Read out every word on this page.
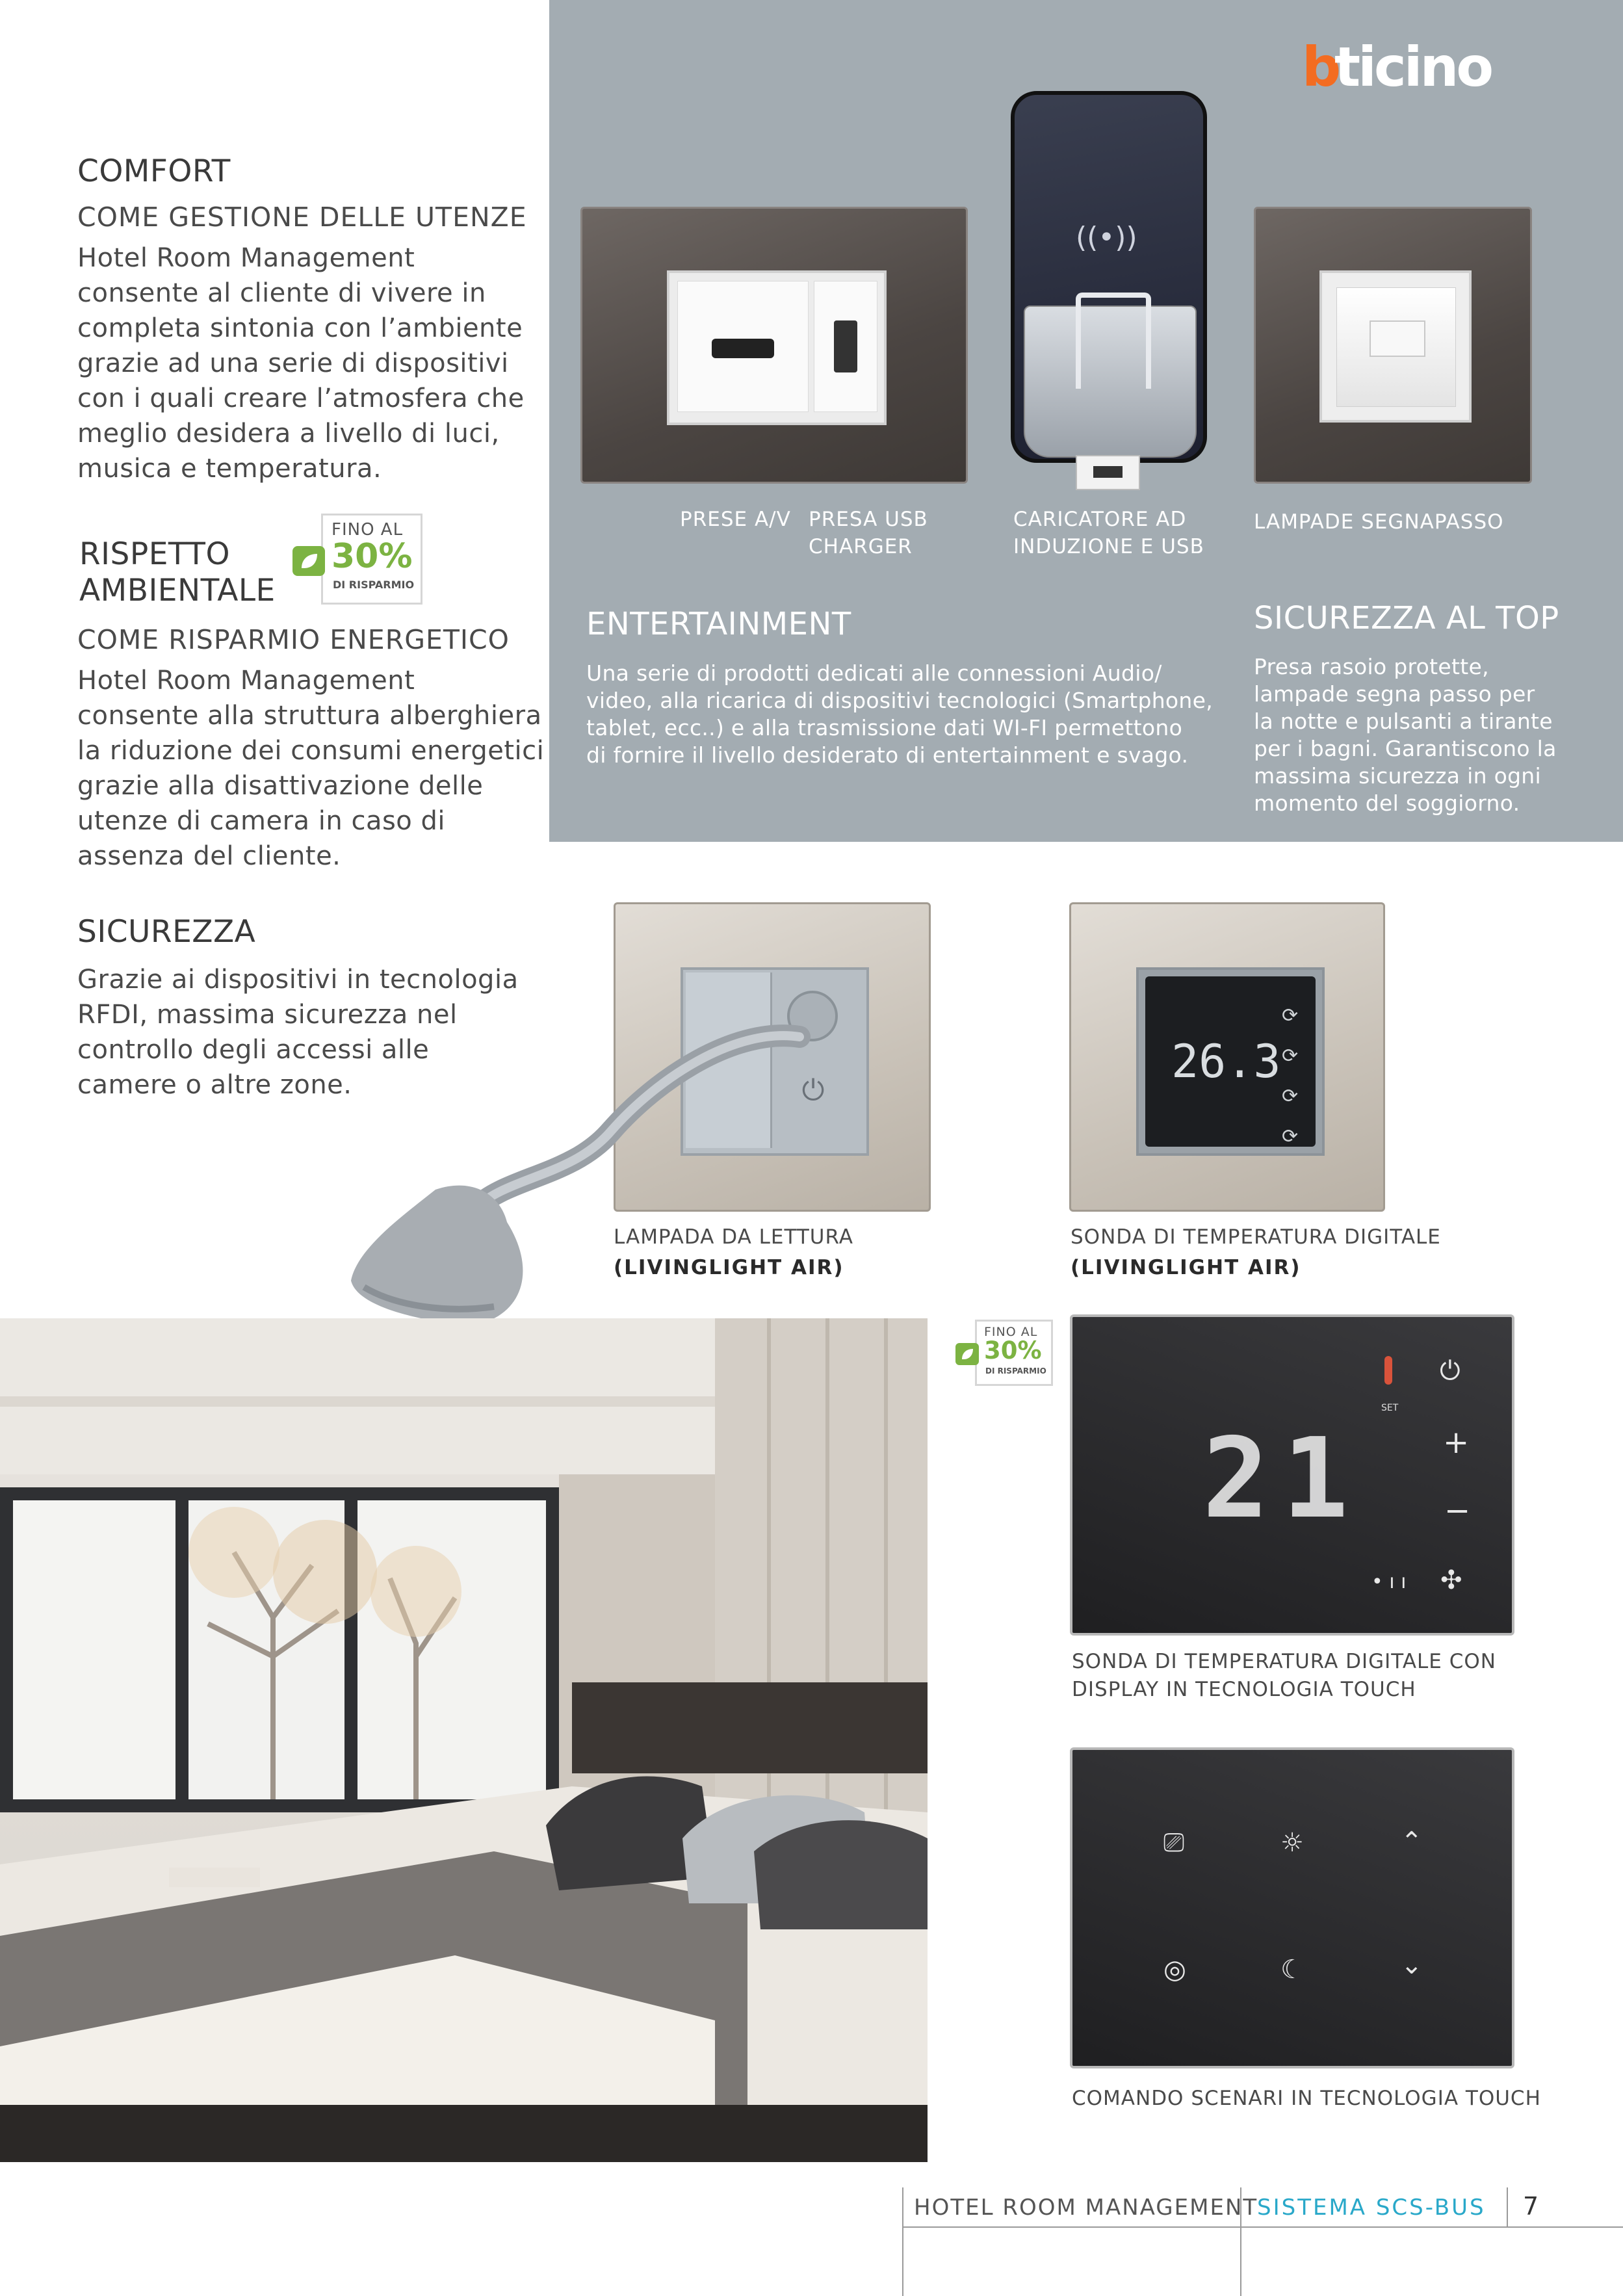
b
ticino
((•))
PRESE A/V PRESA USB
CHARGER
CARICATORE AD
INDUZIONE E USB
LAMPADE SEGNAPASSO
ENTERTAINMENT
Una serie di prodotti dedicati alle connessioni Audio/
video, alla ricarica di dispositivi tecnologici (Smartphone,
tablet, ecc..) e alla trasmissione dati WI-FI permettono
di fornire il livello desiderato di entertainment e svago.
SICUREZZA AL TOP
Presa rasoio protette,
lampade segna passo per
la notte e pulsanti a tirante
per i bagni. Garantiscono la
massima sicurezza in ogni
momento del soggiorno.
COMFORT
COME GESTIONE DELLE UTENZE
Hotel Room Management
consente al cliente di vivere in
completa sintonia con l’ambiente
grazie ad una serie di dispositivi
con i quali creare l’atmosfera che
meglio desidera a livello di luci,
musica e temperatura.
RISPETTO
AMBIENTALE
FINO AL
30%
DI RISPARMIO
COME RISPARMIO ENERGETICO
Hotel Room Management
consente alla struttura alberghiera
la riduzione dei consumi energetici
grazie alla disattivazione delle
utenze di camera in caso di
assenza del cliente.
SICUREZZA
Grazie ai dispositivi in tecnologia
RFDI, massima sicurezza nel
controllo degli accessi alle
camere o altre zone.	⏻
LAMPADA DA LETTURA
(LIVINGLIGHT AIR)
26.3
⟳
⟳
⟳
⟳
SONDA DI TEMPERATURA DIGITALE
(LIVINGLIGHT AIR)
FINO AL
30%
DI RISPARMIO
SET
21
⏻
+
−
• ı ı ✣
SONDA DI TEMPERATURA DIGITALE CON
DISPLAY IN TECNOLOGIA TOUCH
⎚	☼	⌃
◎	☾	⌄
COMANDO SCENARI IN TECNOLOGIA TOUCH
HOTEL ROOM MANAGEMENT
SISTEMA SCS-BUS 7
